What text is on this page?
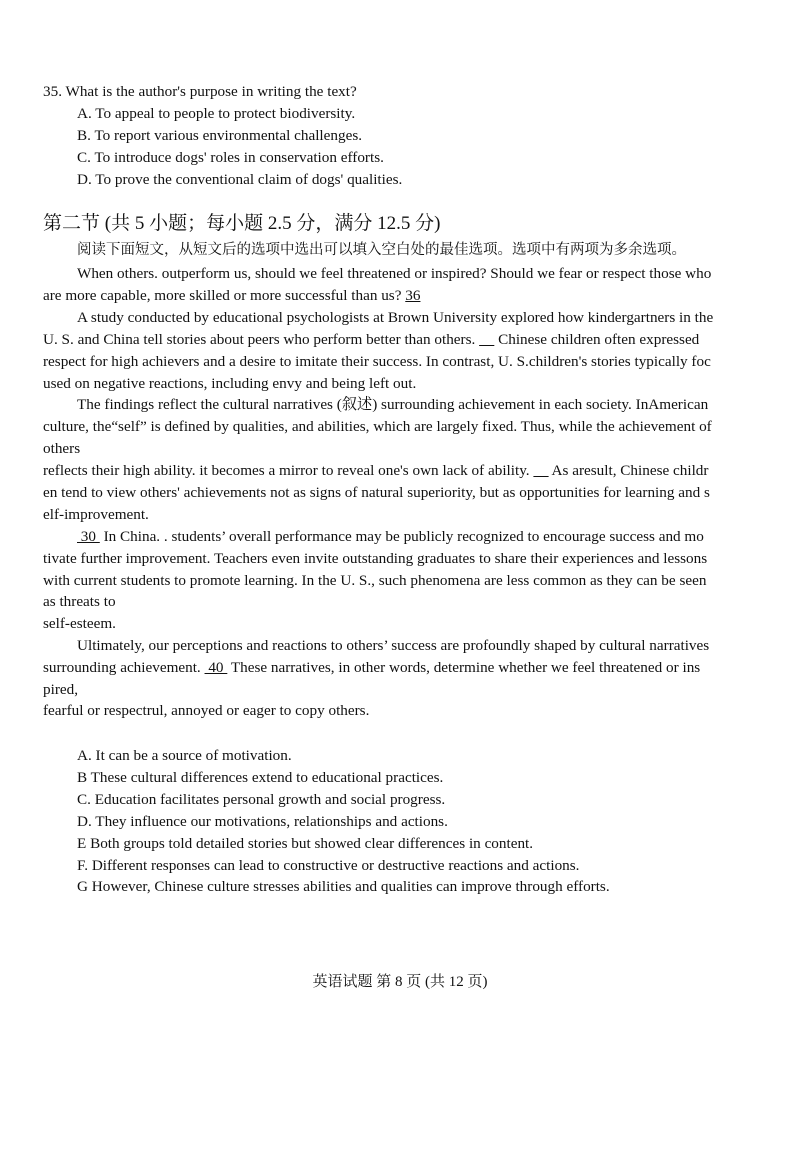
35. What is the author's purpose in writing the text?
A. To appeal to people to protect biodiversity.
B. To report various environmental challenges.
C. To introduce dogs' roles in conservation efforts.
D. To prove the conventional claim of dogs' qualities.
第二节 (共 5 小题；每小题 2.5 分，满分 12.5 分)
阅读下面短文，从短文后的选项中选出可以填入空白处的最佳选项。选项中有两项为多余选项。
When others. outperform us, should we feel threatened or inspired? Should we fear or respect those who
are more capable, more skilled or more successful than us? 36
A study conducted by educational psychologists at Brown University explored how kindergartners in the
U. S. and China tell stories about peers who perform better than others.      Chinese children often expressed
respect for high achievers and a desire to imitate their success. In contrast, U. S.children's stories typically foc
used on negative reactions, including envy and being left out.
The findings reflect the cultural narratives (叙述) surrounding achievement in each society. InAmerican
culture, the“self” is defined by qualities, and abilities, which are largely fixed. Thus, while the achievement of
others
reflects their high ability. it becomes a mirror to reveal one's own lack of ability.      As aresult, Chinese childr
en tend to view others' achievements not as signs of natural superiority, but as opportunities for learning and s
elf-improvement.
30  In China. . students’ overall performance may be publicly recognized to encourage success and mo
tivate further improvement. Teachers even invite outstanding graduates to share their experiences and lessons
with current students to promote learning. In the U. S., such phenomena are less common as they can be seen
as threats to
self-esteem.
Ultimately, our perceptions and reactions to others’ success are profoundly shaped by cultural narratives
surrounding achievement.  40  These narratives, in other words, determine whether we feel threatened or ins
pired,
fearful or respectrul, annoyed or eager to copy others.
A. It can be a source of motivation.
B These cultural differences extend to educational practices.
C. Education facilitates personal growth and social progress.
D. They influence our motivations, relationships and actions.
E Both groups told detailed stories but showed clear differences in content.
F. Different responses can lead to constructive or destructive reactions and actions.
G However, Chinese culture stresses abilities and qualities can improve through efforts.
英语试题 第 8 页 (共 12 页)
